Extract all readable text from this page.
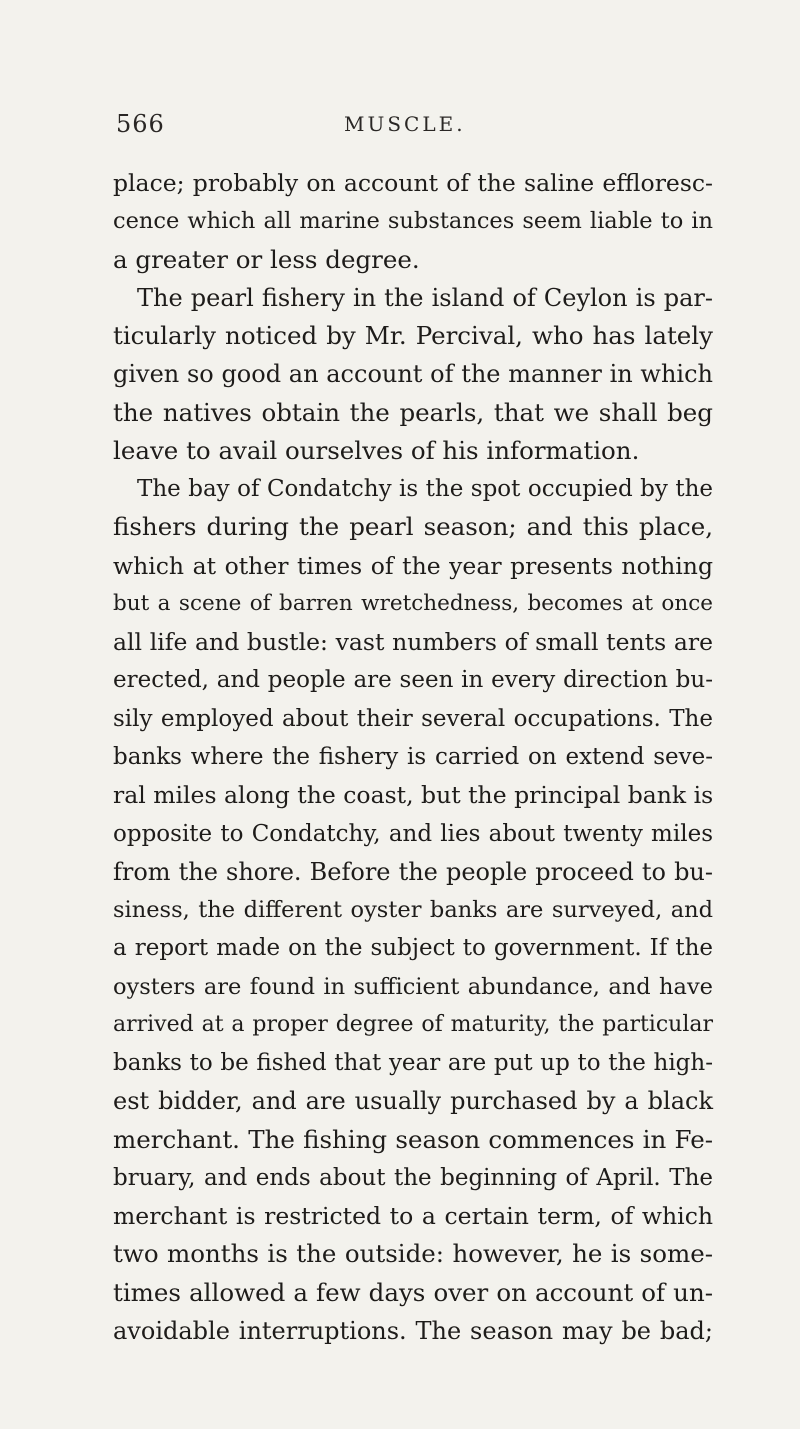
566	MUSCLE.
place; probably on account of the saline effloresc-
cence which all marine substances seem liable to in
a greater or less degree.
The pearl fishery in the island of Ceylon is par-
ticularly noticed by Mr. Percival, who has lately
given so good an account of the manner in which
the natives obtain the pearls, that we shall beg
leave to avail ourselves of his information.
The bay of Condatchy is the spot occupied by the
fishers during the pearl season; and this place,
which at other times of the year presents nothing
but a scene of barren wretchedness, becomes at once
all life and bustle: vast numbers of small tents are
erected, and people are seen in every direction bu-
sily employed about their several occupations. The
banks where the fishery is carried on extend seve-
ral miles along the coast, but the principal bank is
opposite to Condatchy, and lies about twenty miles
from the shore. Before the people proceed to bu-
siness, the different oyster banks are surveyed, and
a report made on the subject to government. If the
oysters are found in sufficient abundance, and have
arrived at a proper degree of maturity, the particular
banks to be fished that year are put up to the high-
est bidder, and are usually purchased by a black
merchant. The fishing season commences in Fe-
bruary, and ends about the beginning of April. The
merchant is restricted to a certain term, of which
two months is the outside: however, he is some-
times allowed a few days over on account of un-
avoidable interruptions. The season may be bad;
